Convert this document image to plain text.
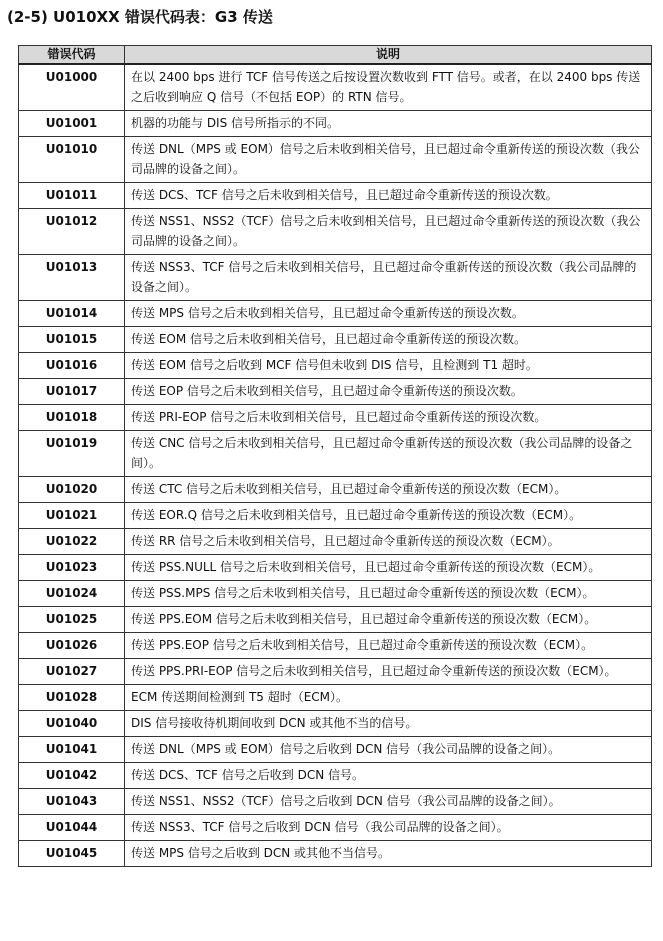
(2-5) U010XX 错误代码表：G3 传送
错误代码	说明
U01000	在以 2400 bps 进行 TCF 信号传送之后按设置次数收到 FTT 信号。或者，在以 2400 bps 传送之后收到响应 Q 信号（不包括 EOP）的 RTN 信号。
U01001	机器的功能与 DIS 信号所指示的不同。
U01010	传送 DNL（MPS 或 EOM）信号之后未收到相关信号，且已超过命令重新传送的预设次数（我公司品牌的设备之间）。
U01011	传送 DCS、TCF 信号之后未收到相关信号，且已超过命令重新传送的预设次数。
U01012	传送 NSS1、NSS2（TCF）信号之后未收到相关信号，且已超过命令重新传送的预设次数（我公司品牌的设备之间）。
U01013	传送 NSS3、TCF 信号之后未收到相关信号，且已超过命令重新传送的预设次数（我公司品牌的设备之间）。
U01014	传送 MPS 信号之后未收到相关信号，且已超过命令重新传送的预设次数。
U01015	传送 EOM 信号之后未收到相关信号，且已超过命令重新传送的预设次数。
U01016	传送 EOM 信号之后收到 MCF 信号但未收到 DIS 信号，且检测到 T1 超时。
U01017	传送 EOP 信号之后未收到相关信号，且已超过命令重新传送的预设次数。
U01018	传送 PRI-EOP 信号之后未收到相关信号，且已超过命令重新传送的预设次数。
U01019	传送 CNC 信号之后未收到相关信号，且已超过命令重新传送的预设次数（我公司品牌的设备之间）。
U01020	传送 CTC 信号之后未收到相关信号，且已超过命令重新传送的预设次数（ECM）。
U01021	传送 EOR.Q 信号之后未收到相关信号，且已超过命令重新传送的预设次数（ECM）。
U01022	传送 RR 信号之后未收到相关信号，且已超过命令重新传送的预设次数（ECM）。
U01023	传送 PSS.NULL 信号之后未收到相关信号，且已超过命令重新传送的预设次数（ECM）。
U01024	传送 PSS.MPS 信号之后未收到相关信号，且已超过命令重新传送的预设次数（ECM）。
U01025	传送 PPS.EOM 信号之后未收到相关信号，且已超过命令重新传送的预设次数（ECM）。
U01026	传送 PPS.EOP 信号之后未收到相关信号，且已超过命令重新传送的预设次数（ECM）。
U01027	传送 PPS.PRI-EOP 信号之后未收到相关信号，且已超过命令重新传送的预设次数（ECM）。
U01028	ECM 传送期间检测到 T5 超时（ECM）。
U01040	DIS 信号接收待机期间收到 DCN 或其他不当的信号。
U01041	传送 DNL（MPS 或 EOM）信号之后收到 DCN 信号（我公司品牌的设备之间）。
U01042	传送 DCS、TCF 信号之后收到 DCN 信号。
U01043	传送 NSS1、NSS2（TCF）信号之后收到 DCN 信号（我公司品牌的设备之间）。
U01044	传送 NSS3、TCF 信号之后收到 DCN 信号（我公司品牌的设备之间）。
U01045	传送 MPS 信号之后收到 DCN 或其他不当信号。
